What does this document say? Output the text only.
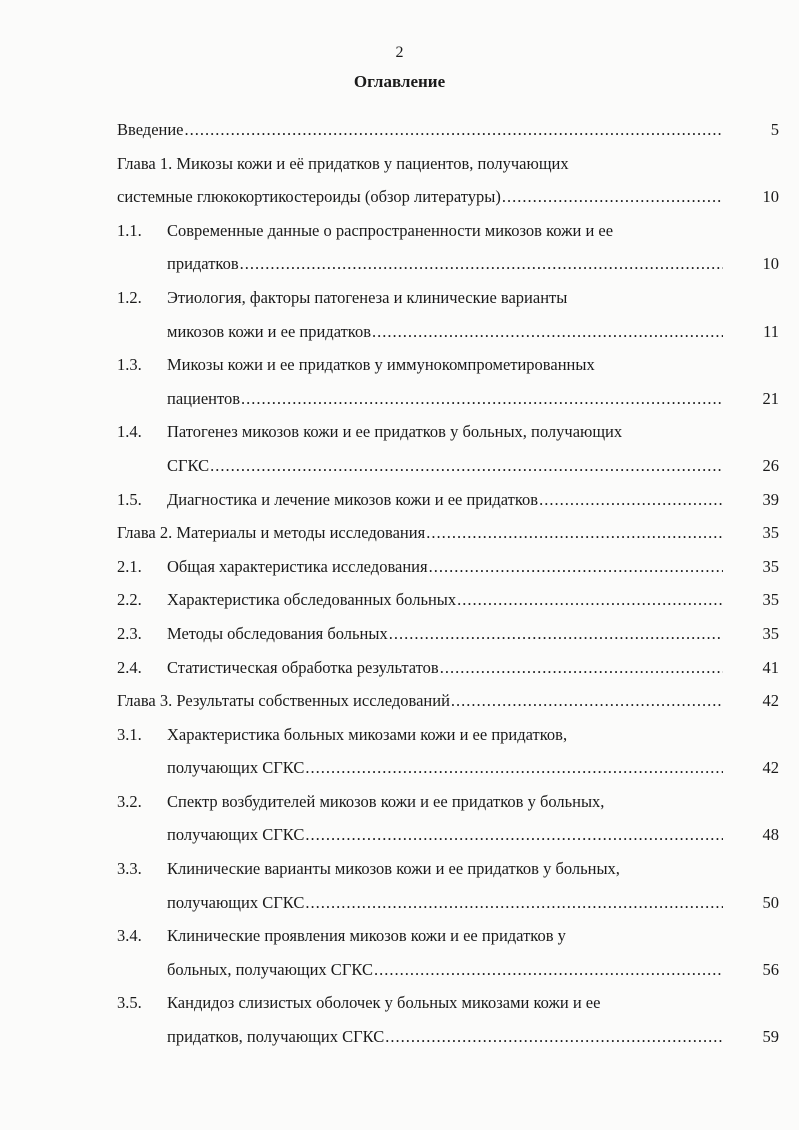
2
Оглавление
Введение .....	5
Глава 1. Микозы кожи и её придатков у пациентов, получающих
системные глюкокортикостероиды (обзор литературы) .....	10
1.1.	Современные данные о распространенности микозов кожи и ее
придатков .....	10
1.2.	Этиология, факторы патогенеза и клинические варианты
микозов кожи и ее придатков .....	11
1.3.	Микозы кожи и ее придатков у иммунокомпрометированных
пациентов .....	21
1.4.	Патогенез микозов кожи и ее придатков у больных, получающих
СГКС .....	26
1.5.	Диагностика и лечение микозов кожи и ее придатков .....	39
Глава 2. Материалы и методы исследования .....	35
2.1.	Общая характеристика исследования .....	35
2.2.	Характеристика обследованных больных .....	35
2.3.	Методы обследования больных .....	35
2.4.	Статистическая обработка результатов .....	41
Глава 3. Результаты собственных исследований .....	42
3.1.	Характеристика больных микозами кожи и ее придатков,
получающих СГКС .....	42
3.2.	Спектр возбудителей микозов кожи и ее придатков у больных,
получающих СГКС .....	48
3.3.	Клинические варианты микозов кожи и ее придатков у больных,
получающих СГКС .....	50
3.4.	Клинические проявления микозов кожи и ее придатков у
больных, получающих СГКС .....	56
3.5.	Кандидоз слизистых оболочек у больных микозами кожи и ее
придатков, получающих СГКС .....	59
